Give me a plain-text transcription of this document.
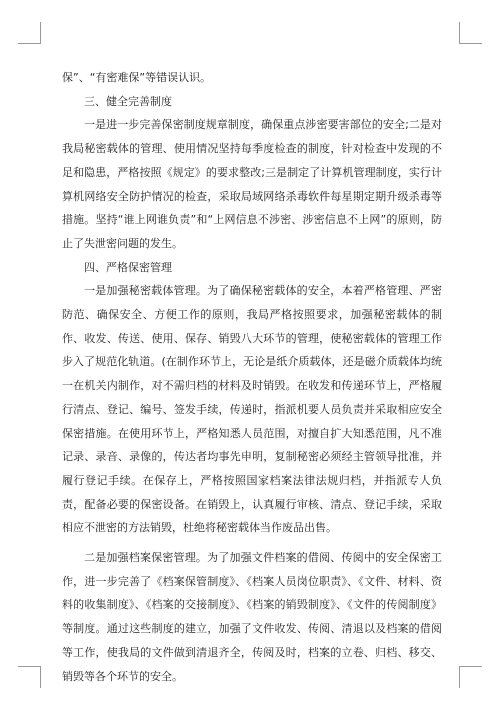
保”、“有密难保”等错误认识。

三、健全完善制度

一是进一步完善保密制度规章制度，确保重点涉密要害部位的安全;二是对我局秘密载体的管理、使用情况坚持每季度检查的制度，针对检查中发现的不足和隐患，严格按照《规定》的要求整改;三是制定了计算机管理制度，实行计算机网络安全防护情况的检查，采取局域网络杀毒软件每星期定期升级杀毒等措施。坚持“谁上网谁负责”和“上网信息不涉密、涉密信息不上网”的原则，防止了失泄密问题的发生。

四、严格保密管理

一是加强秘密载体管理。为了确保秘密载体的安全，本着严格管理、严密防范、确保安全、方便工作的原则，我局严格按照要求，加强秘密载体的制作、收发、传送、使用、保存、销毁八大环节的管理，使秘密载体的管理工作步入了规范化轨道。(在制作环节上，无论是纸介质载体，还是磁介质载体均统一在机关内制作，对不需归档的材料及时销毁。在收发和传递环节上，严格履行清点、登记、编号、签发手续，传递时，指派机要人员负责并采取相应安全保密措施。在使用环节上，严格知悉人员范围，对擅自扩大知悉范围，凡不准记录、录音、录像的，传达者均事先申明，复制秘密必须经主管领导批准，并履行登记手续。在保存上，严格按照国家档案法律法规归档，并指派专人负责，配备必要的保密设备。在销毁上，认真履行审核、清点、登记手续，采取相应不泄密的方法销毁，杜绝将秘密载体当作废品出售。

二是加强档案保密管理。为了加强文件档案的借阅、传阅中的安全保密工作，进一步完善了《档案保管制度》、《档案人员岗位职责》、《文件、材料、资料的收集制度》、《档案的交接制度》、《档案的销毁制度》、《文件的传阅制度》等制度。通过这些制度的建立，加强了文件收发、传阅、清退以及档案的借阅等工作，使我局的文件做到清退齐全，传阅及时，档案的立卷、归档、移交、销毁等各个环节的安全。
